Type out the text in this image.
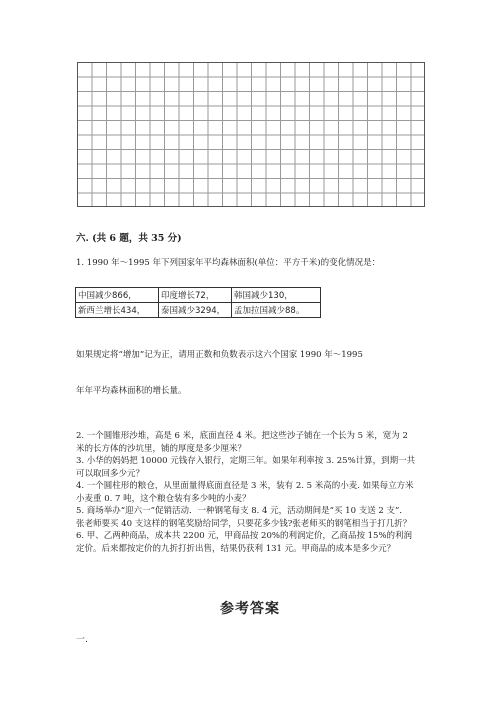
六. (共 6 题，共 35 分)
1. 1990 年～1995 年下列国家年平均森林面积(单位：平方千米)的变化情况是：
中国减少866，	印度增长72，	韩国减少130，
新西兰增长434，	泰国减少3294，	孟加拉国减少88。
如果规定将“增加”记为正，请用正数和负数表示这六个国家 1990 年～1995
年年平均森林面积的增长量。

2. 一个圆锥形沙堆，高是 6 米，底面直径 4 米。把这些沙子铺在一个长为 5 米，宽为 2 米的长方体的沙坑里，铺的厚度是多少厘米？

3. 小华的妈妈把 10000 元钱存入银行，定期三年。如果年利率按 3. 25%计算，到期一共可以取回多少元？

4. 一个圆柱形的粮仓，从里面量得底面直径是 3 米，装有 2. 5 米高的小麦. 如果每立方米小麦重 0. 7 吨，这个粮仓装有多少吨的小麦？

5. 商场举办“迎六一”促销活动．一种钢笔每支 8. 4 元，活动期间是“买 10 支送 2 支”．张老师要买 40 支这样的钢笔奖励给同学，只要花多少钱?张老师买的钢笔相当于打几折？

6. 甲、乙两种商品，成本共 2200 元，甲商品按 20%的利润定价，乙商品按 15%的利润定价。后来都按定价的九折打折出售，结果仍获利 131 元。甲商品的成本是多少元？

参考答案
一.
